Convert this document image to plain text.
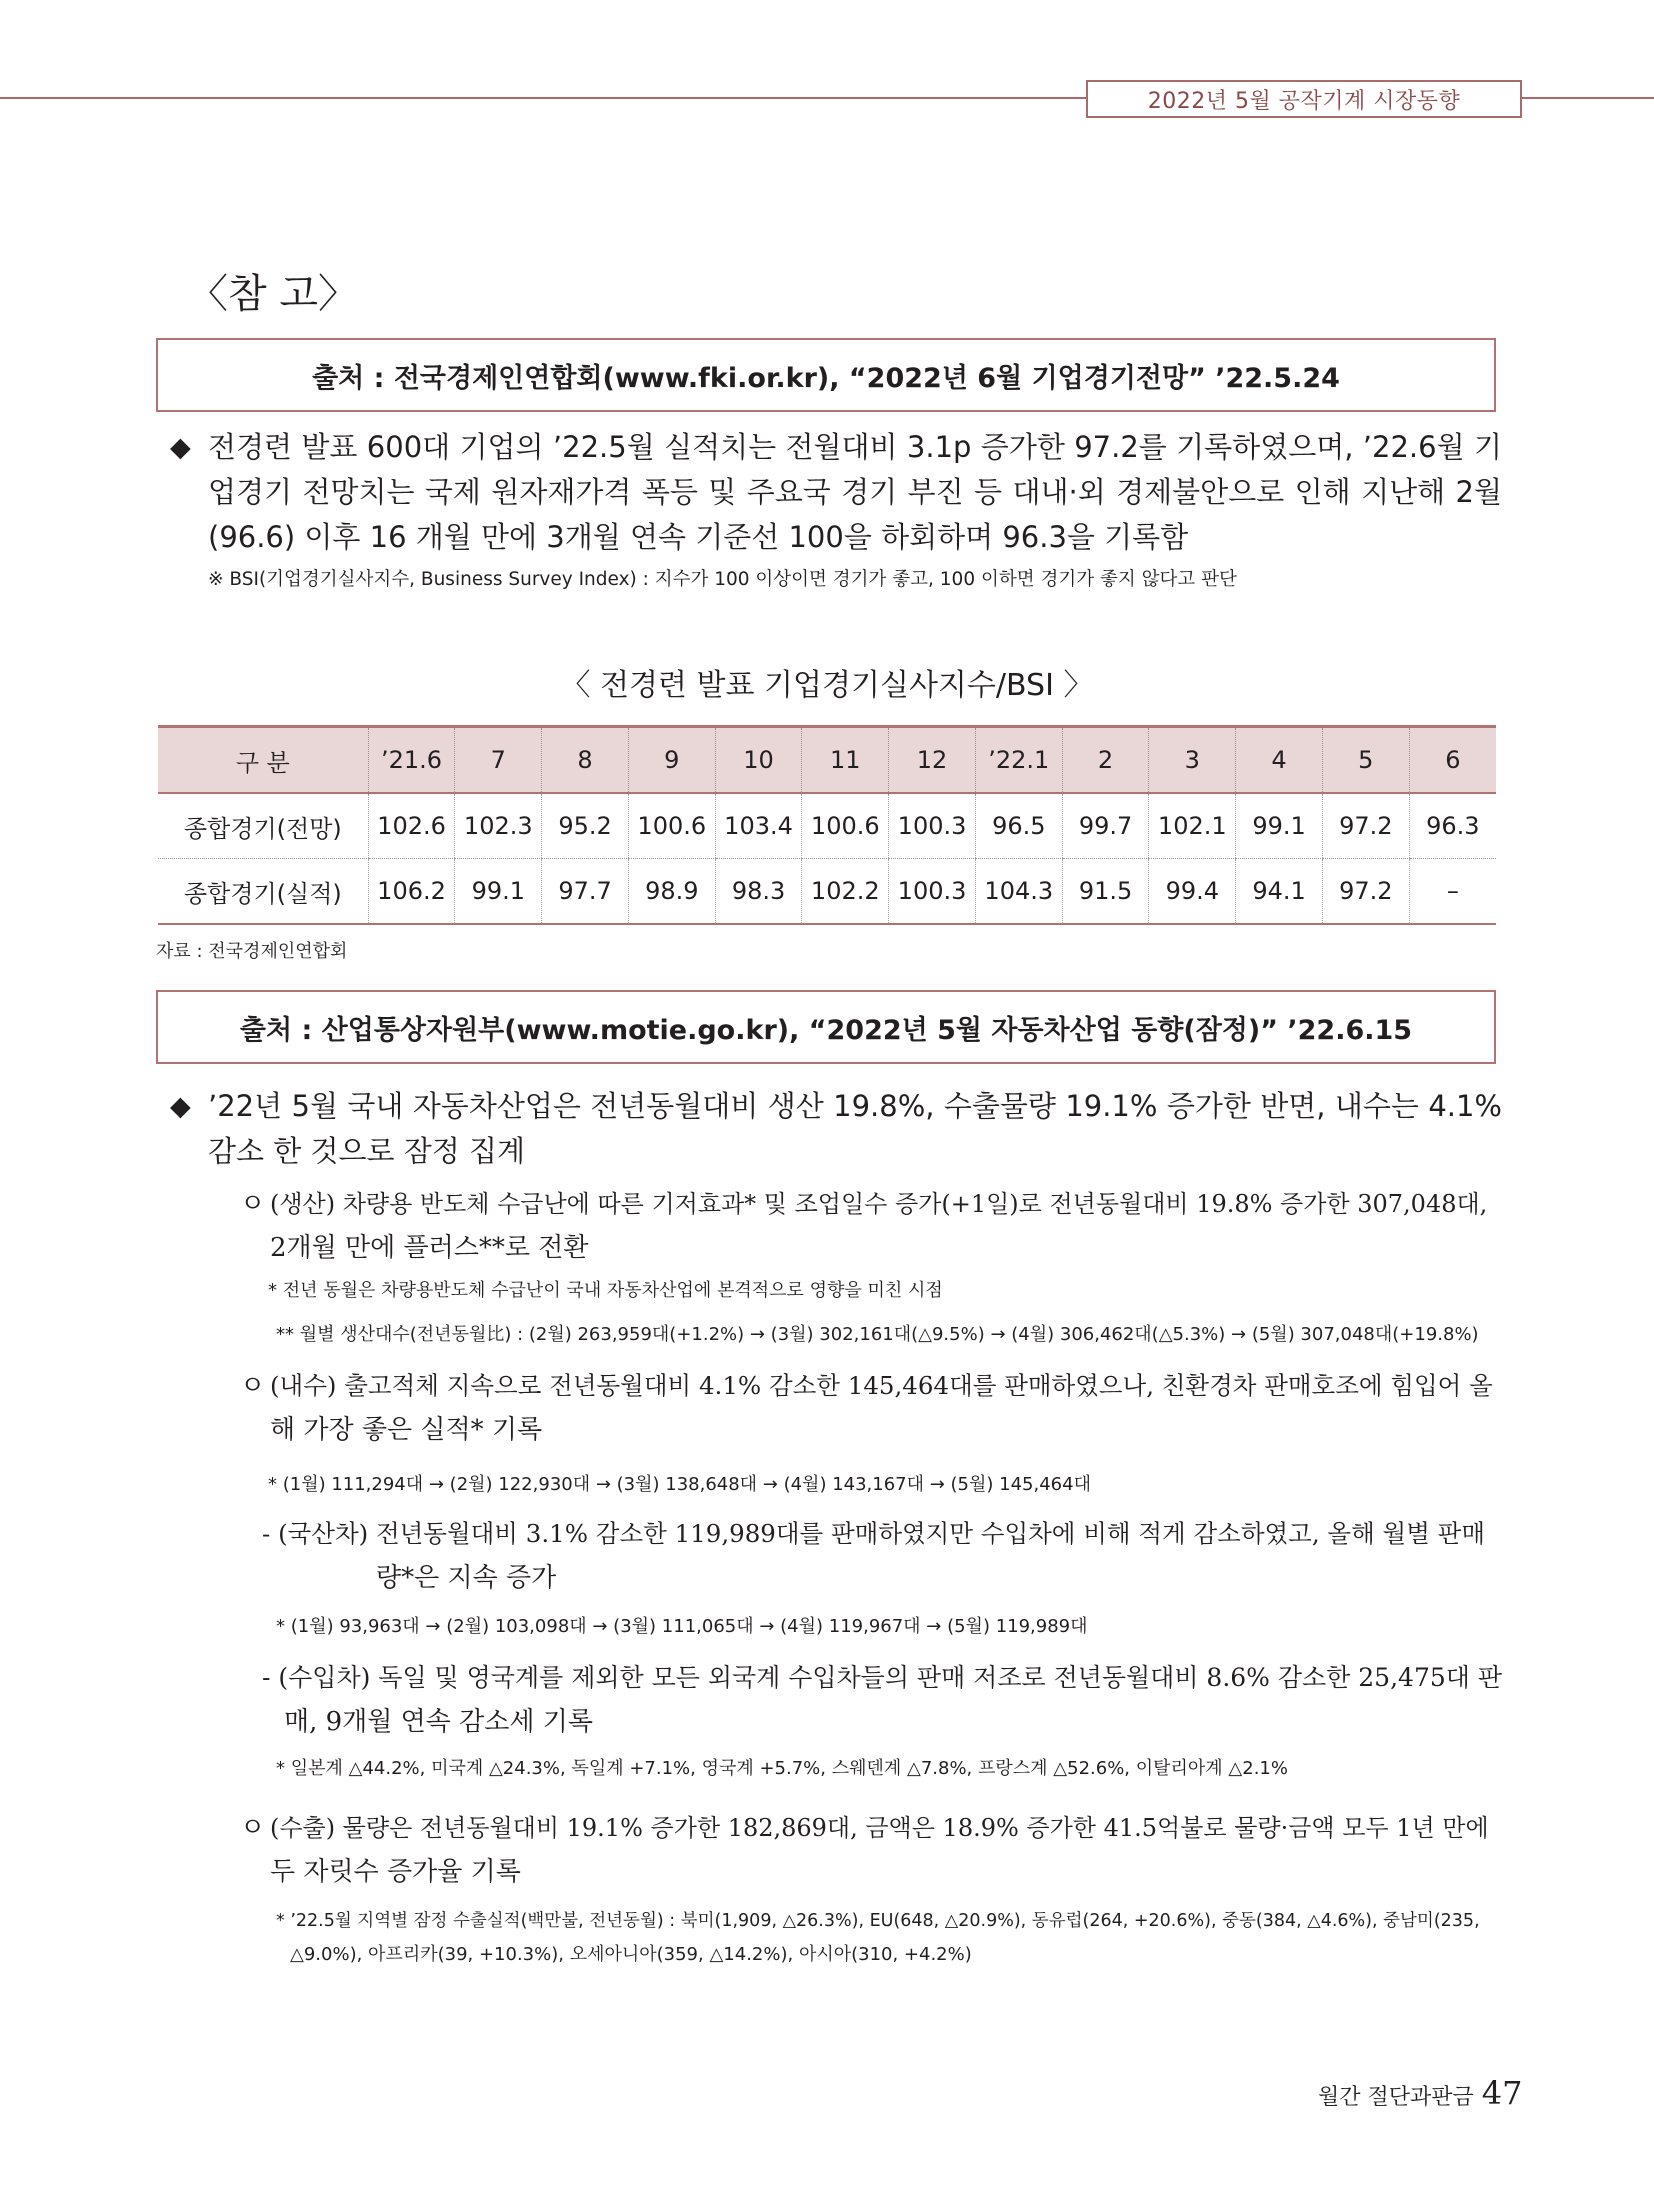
2022년 5월 공작기계 시장동향
〈참 고〉
출처 : 전국경제인연합회(www.fki.or.kr), “2022년 6월 기업경기전망” ’22.5.24
◆ 전경련 발표 600대 기업의 ’22.5월 실적치는 전월대비 3.1p 증가한 97.2를 기록하였으며, ’22.6월 기업경기 전망치는 국제 원자재가격 폭등 및 주요국 경기 부진 등 대내·외 경제불안으로 인해 지난해 2월(96.6) 이후 16 개월 만에 3개월 연속 기준선 100을 하회하며 96.3을 기록함
※ BSI(기업경기실사지수, Business Survey Index) : 지수가 100 이상이면 경기가 좋고, 100 이하면 경기가 좋지 않다고 판단
〈 전경련 발표 기업경기실사지수/BSI 〉
구 분	’21.6	7	8	9	10	11	12	’22.1	2	3	4	5	6
종합경기(전망)	102.6	102.3	95.2	100.6	103.4	100.6	100.3	96.5	99.7	102.1	99.1	97.2	96.3
종합경기(실적)	106.2	99.1	97.7	98.9	98.3	102.2	100.3	104.3	91.5	99.4	94.1	97.2	–
자료 : 전국경제인연합회
출처 : 산업통상자원부(www.motie.go.kr), “2022년 5월 자동차산업 동향(잠정)” ’22.6.15
◆ ’22년 5월 국내 자동차산업은 전년동월대비 생산 19.8%, 수출물량 19.1% 증가한 반면, 내수는 4.1% 감소 한 것으로 잠정 집계
ㅇ (생산) 차량용 반도체 수급난에 따른 기저효과* 및 조업일수 증가(+1일)로 전년동월대비 19.8% 증가한 307,048대,
2개월 만에 플러스**로 전환
* 전년 동월은 차량용반도체 수급난이 국내 자동차산업에 본격적으로 영향을 미친 시점
** 월별 생산대수(전년동월比) : (2월) 263,959대(+1.2%) → (3월) 302,161대(△9.5%) → (4월) 306,462대(△5.3%) → (5월) 307,048대(+19.8%)
ㅇ (내수) 출고적체 지속으로 전년동월대비 4.1% 감소한 145,464대를 판매하였으나, 친환경차 판매호조에 힘입어 올
해 가장 좋은 실적* 기록
* (1월) 111,294대 → (2월) 122,930대 → (3월) 138,648대 → (4월) 143,167대 → (5월) 145,464대
- (국산차) 전년동월대비 3.1% 감소한 119,989대를 판매하였지만 수입차에 비해 적게 감소하였고, 올해 월별 판매
량*은 지속 증가
* (1월) 93,963대 → (2월) 103,098대 → (3월) 111,065대 → (4월) 119,967대 → (5월) 119,989대
- (수입차) 독일 및 영국계를 제외한 모든 외국계 수입차들의 판매 저조로 전년동월대비 8.6% 감소한 25,475대 판
매, 9개월 연속 감소세 기록
* 일본계 △44.2%, 미국계 △24.3%, 독일계 +7.1%, 영국계 +5.7%, 스웨덴계 △7.8%, 프랑스계 △52.6%, 이탈리아계 △2.1%
ㅇ (수출) 물량은 전년동월대비 19.1% 증가한 182,869대, 금액은 18.9% 증가한 41.5억불로 물량·금액 모두 1년 만에
두 자릿수 증가율 기록
* ’22.5월 지역별 잠정 수출실적(백만불, 전년동월) : 북미(1,909, △26.3%), EU(648, △20.9%), 동유럽(264, +20.6%), 중동(384, △4.6%), 중남미(235,
△9.0%), 아프리카(39, +10.3%), 오세아니아(359, △14.2%), 아시아(310, +4.2%)
월간 절단과판금 47
